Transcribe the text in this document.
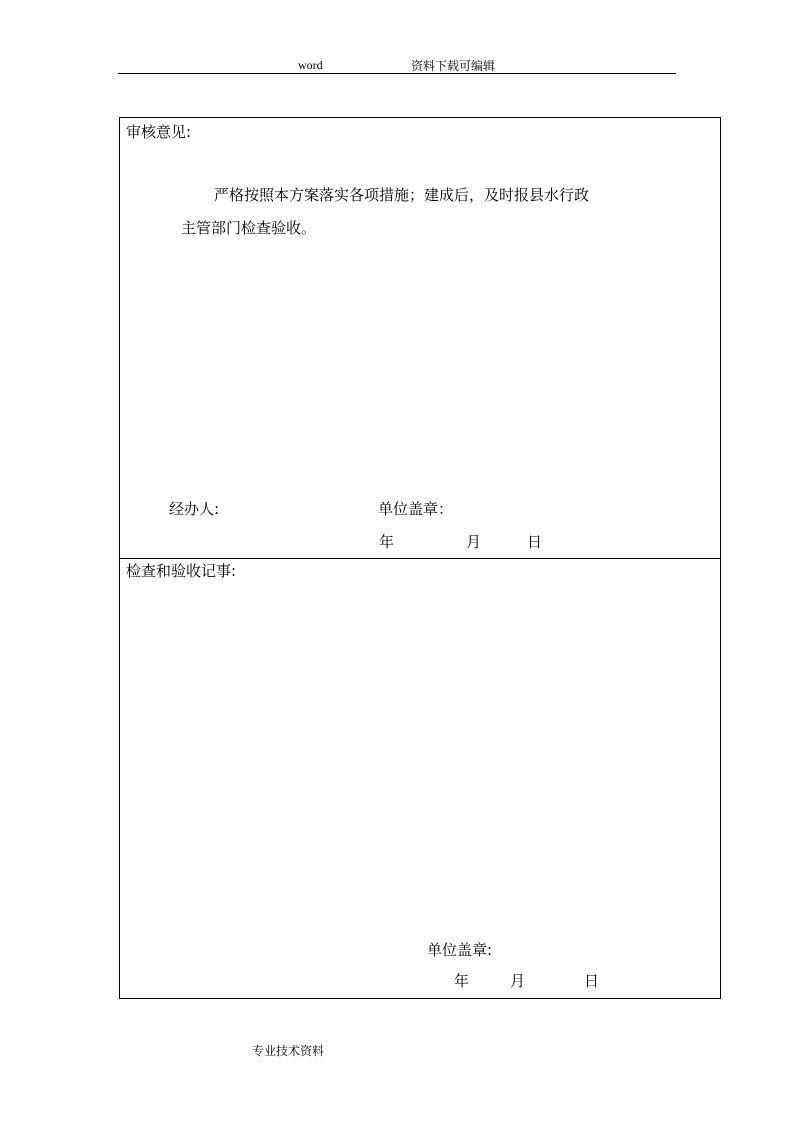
word	资料下载可编辑
审核意见:
严格按照本方案落实各项措施；建成后，及时报县水行政
主管部门检查验收。
经办人:	单位盖章：
年	月	日
检查和验收记事:
单位盖章:
年	月	日
专业技术资料
